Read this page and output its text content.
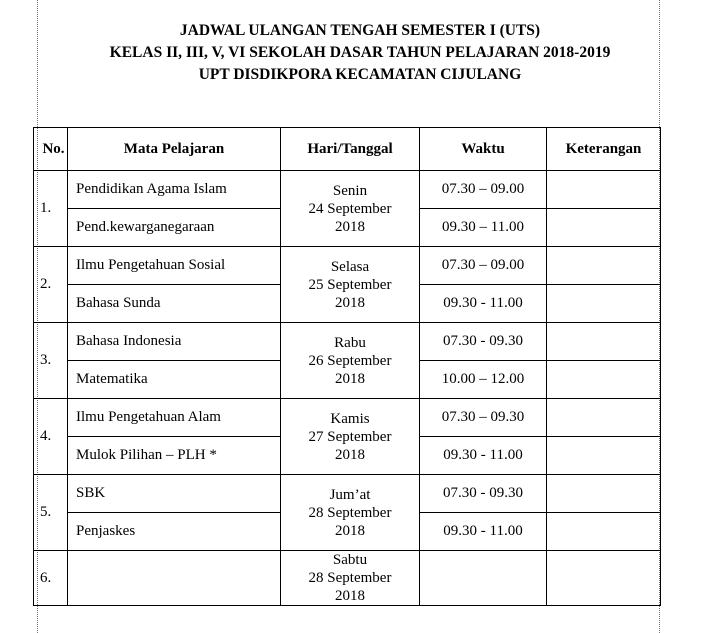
JADWAL ULANGAN TENGAH SEMESTER I (UTS)
KELAS II, III, V, VI SEKOLAH DASAR TAHUN PELAJARAN 2018-2019
UPT DISDIKPORA KECAMATAN CIJULANG
No.	Mata Pelajaran	Hari/Tanggal	Waktu	Keterangan
1.	Pendidikan Agama Islam	Senin
24 September
2018	07.30 – 09.00	
	Pend.kewarganegaraan		09.30 – 11.00	
2.	Ilmu Pengetahuan Sosial	Selasa
25 September
2018	07.30 – 09.00	
	Bahasa Sunda		09.30 - 11.00	
3.	Bahasa Indonesia	Rabu
26 September
2018	07.30 - 09.30	
	Matematika		10.00 – 12.00	
4.	Ilmu Pengetahuan Alam	Kamis
27 September
2018	07.30 – 09.30	
	Mulok Pilihan – PLH *		09.30 - 11.00	
5.	SBK	Jum’at
28 September
2018	07.30 - 09.30	
	Penjaskes		09.30 - 11.00	
6.		Sabtu
28 September
2018		
